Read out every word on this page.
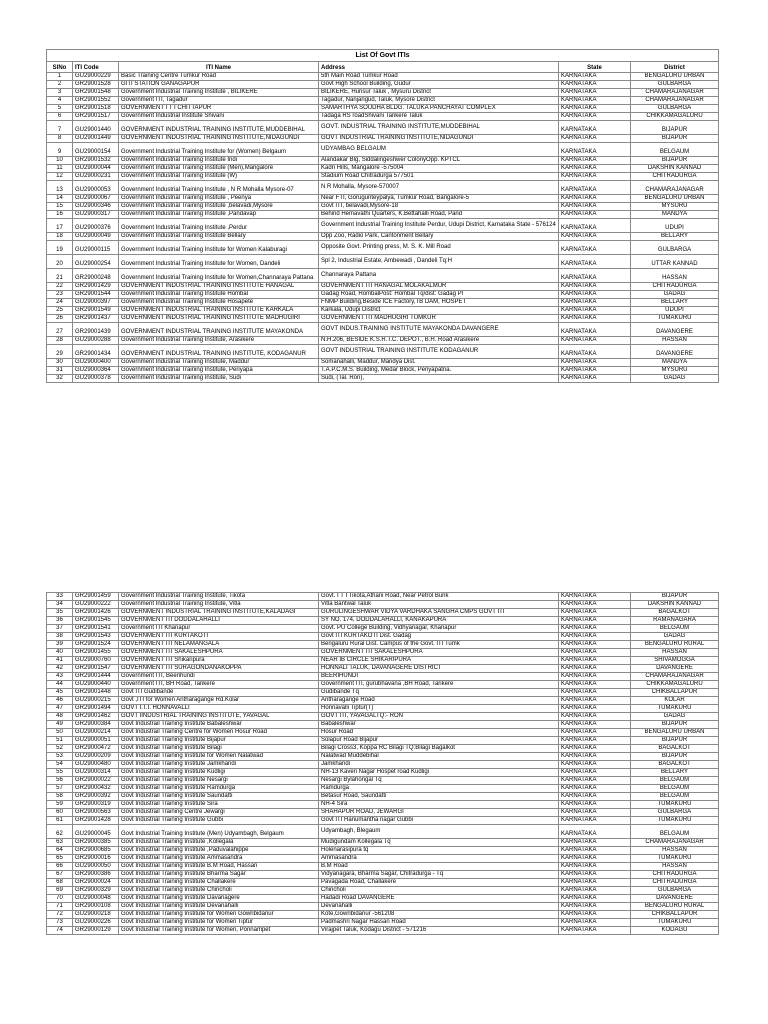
List Of Govt ITIs					
SlNo	ITI Code	ITI Name	Address	State	District
1	GU29000229	Basic Training Centre Tumkur Road	5th Main Road Tumkur Road	KARNATAKA	BENGALURU URBAN
2	GR29001528	GITI STATION GANAGAPUR	Govt High School Building, Gudur	KARNATAKA	GULBARGA
3	GR29001548	Government Industrial Training Institute , BILIKERE	BILIKERE, Hunsur Taluk , Mysuru District	KARNATAKA	CHAMARAJANAGAR
4	GR29001552	Government ITI, Tagadur	Tagadur, Nanjangud, Taluk, Mysore District	KARNATAKA	CHAMARAJANAGAR
5	GR29001518	GOVERNMENT I T I CHITTAPUR	SAMARTHYA SOUDHA BLDG. TALUKA PANCHAYAT COMPLEX	KARNATAKA	GULBARGA
6	GR29001517	Government Industrial Institute Shivani	Tadaga RS roadShivani Tarikere Taluk	KARNATAKA	CHIKKAMAGALURU
7	GU29001440	GOVERNMENT INDUSTRIAL TRAINING INSTITUTE,MUDDEBIHAL	GOVT. INDUSTRIAL TRAINING INSTITUTE,MUDDEBIHAL	KARNATAKA	BIJAPUR
8	GU29001449	GOVERNMENT INDUSTRIAL TRAINING INSTITUTE,NIDAGUNDI	GOVT INDUSTRIAL TRAINING INSTITUTE,NIDAGUNDI	KARNATAKA	BIJAPUR
9	GU29000154	Government Industrial Training Institute for (Women) Belgaum	UDYAMBAG BELGAUM	KARNATAKA	BELGAUM
10	GR29001532	Government Industrial Training Institute Indi	Alandakar Blg, Siddalingeshwer ColonyOpp. KPTCL	KARNATAKA	BIJAPUR
11	GU29000044	Government Industrial Training Institute (Men),Mangalore	Kadri Hills, Mangalore -575004	KARNATAKA	DAKSHIN KANNAD
12	GU29000231	Government Industrial Training Institute (W)	Stadium Road Chitradurga 577501	KARNATAKA	CHITRADURGA
13	GU29000053	Government Industrial Training Institute , N R Mohalla Mysore-07	N R Mohalla, Mysore-570007	KARNATAKA	CHAMARAJANAGAR
14	GU29000067	Government Industrial Training Institute , Peenya	Near FTI, Gorugunteypalya, Tumkur Road, Bangalore-5	KARNATAKA	BENGALURU URBAN
15	GU29000346	Government Industrial Training Institute ,belavadi,Mysore	Govt ITI, belavadi,Mysore-18	KARNATAKA	MYSURU
16	GU29000317	Government Industrial Training Institute ,Pandavap	Behind Hemavathi Quarters, K.Bettahalli Road, Pand	KARNATAKA	MANDYA
17	GU29000376	Government Industrial Training Institute ,Perdur	Government Industrial Training Institute Perdur, Udupi District, Karnataka State - 576124	KARNATAKA	UDUPI
18	GU29000049	Government Industrial Training Institute Bellary	Opp Zoo, Radio Park, Cantonment Bellary	KARNATAKA	BELLARY
19	GU29000115	Government Industrial Training Institute for Women Kalaburagi	Opposite Govt. Printing press, M. S. K. Mill Road	KARNATAKA	GULBARGA
20	GU29000254	Government Industrial Training Institute for Women, Dandeli	Spl 2, Industrial Estate, Ambewadi , Dandeli Tq:H	KARNATAKA	UTTAR KANNAD
21	GR29000248	Government Industrial Training Institute for Women,Channaraya Pattana	Channaraya Pattana	KARNATAKA	HASSAN
22	GR29001429	GOVERNMENT INDUSTRIAL TRAINING INSTITUTE HANAGAL	GOVERNMENT ITI HANAGAL MOLAKALMUR	KARNATAKA	CHITRADURGA
23	GR29001544	Government Industrial Training Institute Hombal	Gadag Road, HombalPost: Hombal Tq/dist: Gadag Pl	KARNATAKA	GADAG
24	GU29000397	Government Industrial Training Institute Hosapete	FNMP Building,Beside ICE Factory,TB DAM, HOSPET	KARNATAKA	BELLARY
25	GR29001549	GOVERNMENT INDUSTRIAL TRAINING INSTITUTE KARKALA	Karkala, Udupi District	KARNATAKA	UDUPI
26	GR29001437	GOVERNMENT INDUSTRIAL TRAINING INSTITUTE MADHUGIRI	GOVERNMENT ITI MADHUGIRI TUMKUR	KARNATAKA	TUMAKURU
27	GR29001439	GOVERNMENT INDUSTRIAL TRAINING INSTITUTE MAYAKONDA	GOVT INDUS.TRAINING INSTITUTE MAYAKONDA DAVANGERE	KARNATAKA	DAVANGERE
28	GU29000288	Government Industrial Training Institute, Arasikere	N.H.206, BESIDE K.S.R.T.C. DEPOT., B.H. Road Arasikere	KARNATAKA	HASSAN
29	GR29001434	GOVERNMENT INDUSTRIAL TRAINING INSTITUTE, KODAGANUR	GOVT INDUSTRIAL TRAINING INSTITUTE KODAGANUR	KARNATAKA	DAVANGERE
30	GU29000400	Government Industrial Training Institute, Maddur	Somanahalli, Maddur, Mandya Dist.	KARNATAKA	MANDYA
31	GU29000364	Government Industrial Training Institute, Periyapa	T.A.P.C.M.S. Building, Medar Block, Periyapatna.	KARNATAKA	MYSURU
32	GU29000378	Government Industrial Training Institute, Sudi	Sudi, (Tal. Ron),	KARNATAKA	GADAG
33	GR29001459	Government Industrial Training Institute, Tikota	Govt. I T I Tikota,Athani Road, Near Petrol Bunk	KARNATAKA	BIJAPUR
34	GU29000222	Government Industrial Training Institute, Vitla	Vitla Bantwal Taluk	KARNATAKA	DAKSHIN KANNAD
35	GR29001426	GOVERNMENT INDUSTRIAL TRAINING INSTITUTE,KALADAGI	GURULINGESHWAR VIDYA VARDHAKA SANGHA CMPS GOVT ITI	KARNATAKA	BAGALKOT
36	GR29001545	GOVERNMENT ITI DODDALAHALLI	SY NO. 174, DODDALAHALLI, KANAKAPURA	KARNATAKA	RAMANAGARA
37	GR29001541	Government ITI Khanapur	Govt. PU College Building, Vidhyanagar, Khanapur	KARNATAKA	BELGAUM
38	GR29001543	GOVERNMENT ITI KURTAKOTI	Govt ITI KURTAKOTI Dist. Gadag	KARNATAKA	GADAG
39	GR29001524	GOVERNMENT ITI NELAMANGALA	Bengaluru Rural Dist. Campus of the Govt. ITI Tumk	KARNATAKA	BENGALURU RURAL
40	GR29001455	GOVERNMENT ITI SAKALESHPURA	GOVERNMENT ITI SAKALESHPURA	KARNATAKA	HASSAN
41	GU29000760	GOVERNMENT ITI Shikaripura	NEAR IB CIRCLE SHIKARIPURA	KARNATAKA	SHIVAMOGGA
42	GR29001547	GOVERNMENT ITI SURAGONDANAKOPPA	HONNALI TALUK, DAVANAGERE DISTRICT	KARNATAKA	DAVANGERE
43	GR29001444	Government ITI, Beerihundi	BEERIHUNDI	KARNATAKA	CHAMARAJANAGAR
44	GU29000440	Government ITI, BH Road, Tarikere	Government ITI, gurubhavana ,BH Road, Tarikere	KARNATAKA	CHIKKAMAGALURU
45	GR29001448	Govt ITI Gudibande	Gudibande Tq	KARNATAKA	CHIKBALLAPUR
46	GU29000215	Govt ,ITI for Women Antharagange Rd.Kolar	Antharagange Road	KARNATAKA	KOLAR
47	GR29001494	GOVT I.T.I. HONNAVALLI	Honnavalli Tiptur(T)	KARNATAKA	TUMAKURU
48	GR29001462	GOVT IINDUSTRIAL TRAINING INSTITUTE, YAVAGAL	GOVT ITI, YAVAGALTQ:- RON	KARNATAKA	GADAG
49	GR29000384	Govt Industrail Training Institute Babaleshwar	Babaleshwar	KARNATAKA	BIJAPUR
50	GU29000214	Govt Industrail Training Centre for Women Hosur Road	Hosur Road	KARNATAKA	BENGALURU URBAN
51	GU29000051	Govt Industrail Training Institute Bijapur	Solapur Road Bijapur	KARNATAKA	BIJAPUR
52	GR29000472	Govt Industrail Training Institute Bilagi	Bilagi Cross3, Koppa RC Bilagi TQ:Bilagi Bagalkot	KARNATAKA	BAGALKOT
53	GU29000209	Govt Industrail Training Institute for Women Nalatwad	Nalatwad Muddebihal	KARNATAKA	BIJAPUR
54	GU29000480	Govt Industrail Training Institute Jamkhandi	Jamkhandi	KARNATAKA	BAGALKOT
55	GU29000314	Govt Industrail Training Institute Kudligi	NH-13 Kaveri Nagar Hospet road Kudligi	KARNATAKA	BELLARY
56	GR29000022	Govt Industrail Training Institute Nesargi	Nesargi Bylahongal Tq	KARNATAKA	BELGAUM
57	GR29000432	Govt Industrail Training Institute Ramdurga	Ramdurga	KARNATAKA	BELGAUM
58	GR29000392	Govt Industrail Training Institute Saundatti	Betasur Road, Saundatti	KARNATAKA	BELGAUM
59	GR29000319	Govt Industrail Training Institute Sira	NH-4 Sira	KARNATAKA	TUMAKURU
60	GR29000563	Govt Industrail Training Centre Jewargi	SHAHAPUR ROAD, JEWARGI	KARNATAKA	GULBARGA
61	GR29001428	Govt Industrial Training Institute Gubbi	Govt ITI Hanumantha nagar Gubbi	KARNATAKA	TUMAKURU
62	GU29000045	Govt Industrial Training Institute (Men) Udyambagh, Belgaum	Udyambagh, Blegaum	KARNATAKA	BELGAUM
63	GR29000385	Govt Industrial Training Institute ,Kollegala	Mudigundam Kollegala Tq	KARNATAKA	CHAMARAJANAGAR
64	GR29000685	Govt Industrial Training Institute ,Paduvalahippe	Holenarasipura tq	KARNATAKA	HASSAN
65	GR29000016	Govt Industrial Training Institute Ammasandra	Ammasandra	KARNATAKA	TUMAKURU
66	GU29000050	Govt Industrial Training Institute B.M Road, Hassan	B.M Road	KARNATAKA	HASSAN
67	GR29000386	Govt Industrial Training Institute Bharma Sagar	Vidyanagara, Bharma Sagar, Chitradurga - Tq	KARNATAKA	CHITRADURGA
68	GR29000024	Govt Industrial Training Institute Challakere	Pavagada Road, Challakere	KARNATAKA	CHITRADURGA
69	GR29000329	Govt Industrial Training Institute Chincholi	Chincholi	KARNATAKA	GULBARGA
70	GU29000048	Govt Industrial Training Institute Davanagere	Hadadi Road DAVANGERE	KARNATAKA	DAVANGERE
71	GR29000108	Govt Industrial Training Institute Devanahalli	Devanahalli	KARNATAKA	BENGALURU RURAL
72	GU29000218	Govt Industrial Training Institute for Women Gowribidanur	Kote,Gowribidanur -561208	KARNATAKA	CHIKBALLAPUR
73	GU29000226	Govt Industrial Training Institute for Women Tiptur	Padmashri Nagar Hassan Road	KARNATAKA	TUMAKURU
74	GR29000129	Govt Industrial Training Institute for Women, Ponnampet	Virajpet Taluk, Kodagu District - 571216	KARNATAKA	KODAGU
